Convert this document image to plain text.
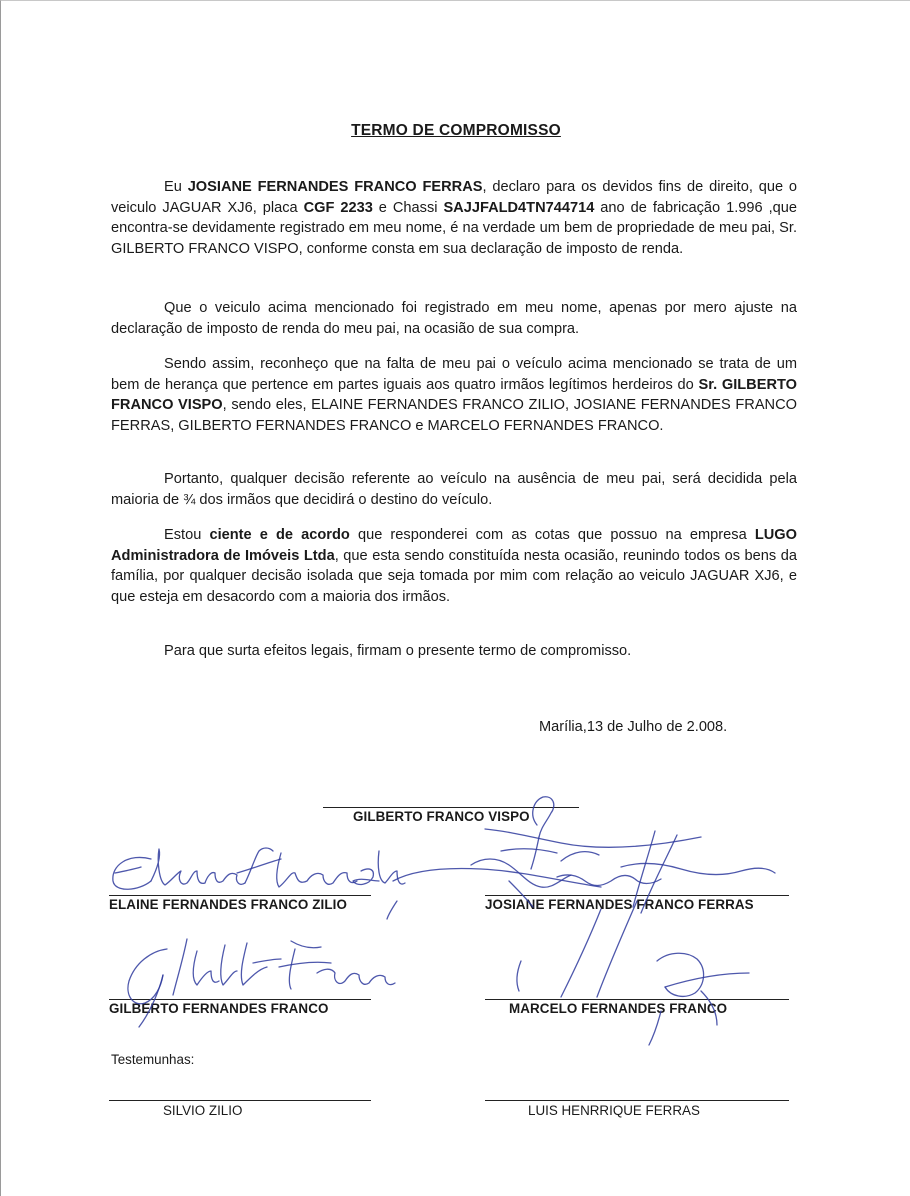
TERMO DE COMPROMISSO

Eu JOSIANE FERNANDES FRANCO FERRAS, declaro para os devidos fins de direito, que o veiculo JAGUAR XJ6, placa CGF 2233 e Chassi SAJJFALD4TN744714 ano de fabricação 1.996 ,que encontra-se devidamente registrado em meu nome, é na verdade um bem de propriedade de meu pai, Sr. GILBERTO FRANCO VISPO, conforme consta em sua declaração de imposto de renda.

Que o veiculo acima mencionado foi registrado em meu nome, apenas por mero ajuste na declaração de imposto de renda do meu pai, na ocasião de sua compra.

Sendo assim, reconheço que na falta de meu pai o veículo acima mencionado se trata de um bem de herança que pertence em partes iguais aos quatro irmãos legítimos herdeiros do Sr. GILBERTO FRANCO VISPO, sendo eles, ELAINE FERNANDES FRANCO ZILIO, JOSIANE FERNANDES FRANCO FERRAS, GILBERTO FERNANDES FRANCO e MARCELO FERNANDES FRANCO.

Portanto, qualquer decisão referente ao veículo na ausência de meu pai, será decidida pela maioria de ¾ dos irmãos que decidirá o destino do veículo.

Estou ciente e de acordo que responderei com as cotas que possuo na empresa LUGO Administradora de Imóveis Ltda, que esta sendo constituída nesta ocasião, reunindo todos os bens da família, por qualquer decisão isolada que seja tomada por mim com relação ao veiculo JAGUAR XJ6, e que esteja em desacordo com a maioria dos irmãos.

Para que surta efeitos legais, firmam o presente termo de compromisso.

Marília,13 de Julho de 2.008.
GILBERTO FRANCO VISPO
ELAINE FERNANDES FRANCO ZILIO	JOSIANE FERNANDES FRANCO FERRAS
GILBERTO FERNANDES FRANCO	MARCELO FERNANDES FRANCO
Testemunhas:
SILVIO ZILIO	LUIS HENRRIQUE FERRAS
